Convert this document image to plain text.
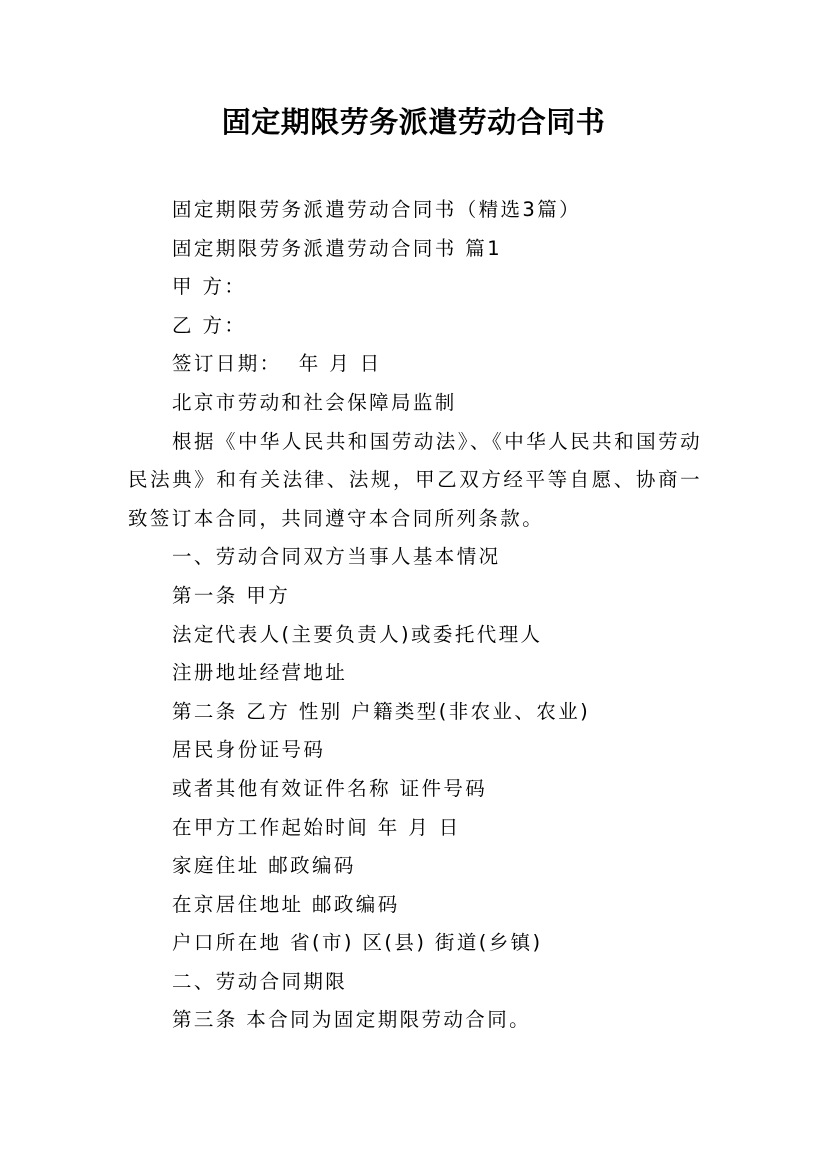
固定期限劳务派遣劳动合同书

固定期限劳务派遣劳动合同书（精选3篇）

固定期限劳务派遣劳动合同书 篇1

甲 方：

乙 方：

签订日期：  年 月 日

北京市劳动和社会保障局监制

根据《中华人民共和国劳动法》、《中华人民共和国劳动民法典》和有关法律、法规，甲乙双方经平等自愿、协商一致签订本合同，共同遵守本合同所列条款。

一、劳动合同双方当事人基本情况

第一条 甲方

法定代表人(主要负责人)或委托代理人

注册地址经营地址

第二条 乙方 性别 户籍类型(非农业、农业)

居民身份证号码

或者其他有效证件名称 证件号码

在甲方工作起始时间 年 月 日

家庭住址 邮政编码

在京居住地址 邮政编码

户口所在地 省(市) 区(县) 街道(乡镇)

二、劳动合同期限

第三条 本合同为固定期限劳动合同。
